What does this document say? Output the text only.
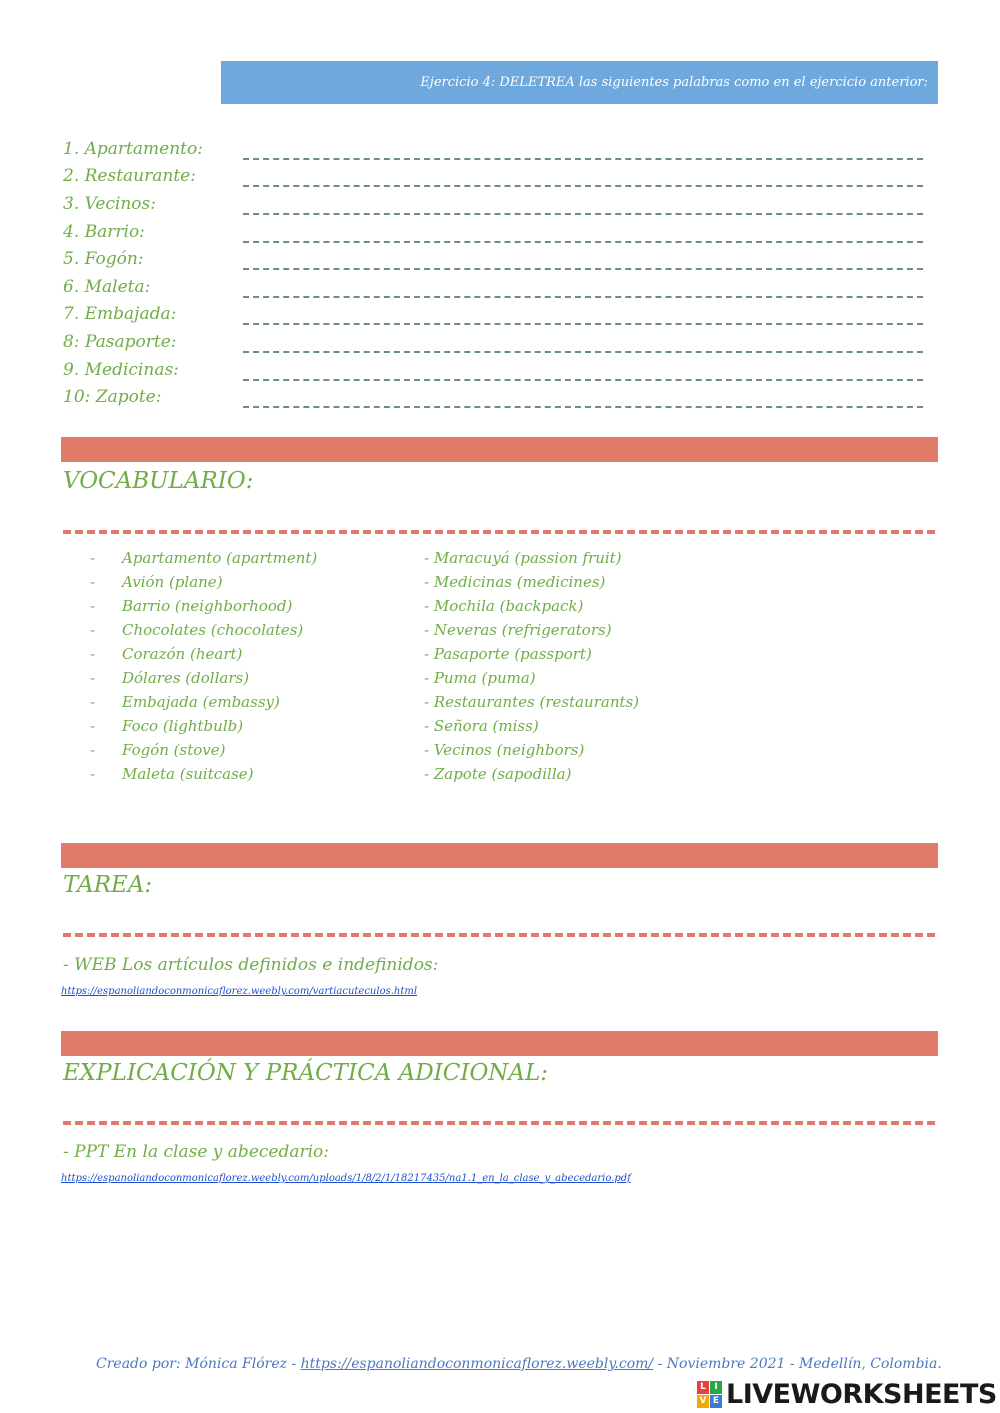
Ejercicio 4: DELETREA las siguientes palabras como en el ejercicio anterior:
1. Apartamento:
2. Restaurante:
3. Vecinos:
4. Barrio:
5. Fogón:
6. Maleta:
7. Embajada:
8: Pasaporte:
9. Medicinas:
10: Zapote:
VOCABULARIO:
-	Apartamento (apartment)
-	Avión (plane)
-	Barrio (neighborhood)
-	Chocolates (chocolates)
-	Corazón (heart)
-	Dólares (dollars)
-	Embajada (embassy)
-	Foco (lightbulb)
-	Fogón (stove)
-	Maleta (suitcase)
- Maracuyá (passion fruit)
- Medicinas (medicines)
- Mochila (backpack)
- Neveras (refrigerators)
- Pasaporte (passport)
- Puma (puma)
- Restaurantes (restaurants)
- Señora (miss)
- Vecinos (neighbors)
- Zapote (sapodilla)
TAREA:
- WEB Los artículos definidos e indefinidos:
https://espanoliandoconmonicaflorez.weebly.com/vartiacuteculos.html
EXPLICACIÓN Y PRÁCTICA ADICIONAL:
- PPT En la clase y abecedario:
https://espanoliandoconmonicaflorez.weebly.com/uploads/1/8/2/1/18217435/na1.1_en_la_clase_y_abecedario.pdf
Creado por: Mónica Flórez - https://espanoliandoconmonicaflorez.weebly.com/ - Noviembre 2021 - Medellín, Colombia.
L I
V E LIVEWORKSHEETS
